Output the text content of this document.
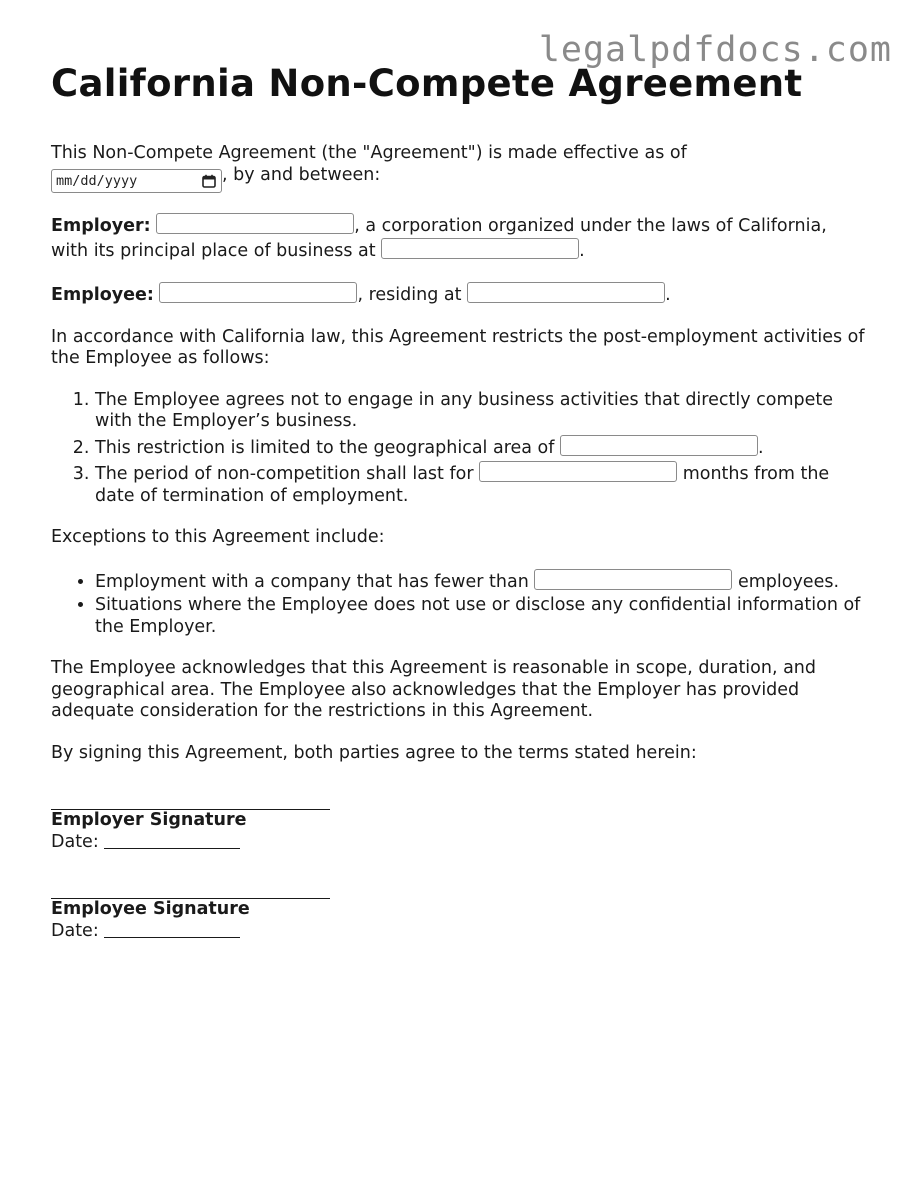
legalpdfdocs.com
California Non-Compete Agreement

This Non-Compete Agreement (the "Agreement") is made effective as of

mm/dd/yyyy	, by and between:

Employer:	, a corporation organized under the laws of California,
with its principal place of business at	.

Employee:	, residing at	.

In accordance with California law, this Agreement restricts the post-employment activities of the Employee as follows:

1. The Employee agrees not to engage in any business activities that directly compete with the Employer’s business.
2. This restriction is limited to the geographical area of	.
3. The period of non-competition shall last for	months from the date of termination of employment.

Exceptions to this Agreement include:

• Employment with a company that has fewer than	employees.
• Situations where the Employee does not use or disclose any confidential information of the Employer.

The Employee acknowledges that this Agreement is reasonable in scope, duration, and geographical area. The Employee also acknowledges that the Employer has provided adequate consideration for the restrictions in this Agreement.

By signing this Agreement, both parties agree to the terms stated herein:

Employer Signature
Date:
Employee Signature
Date:
